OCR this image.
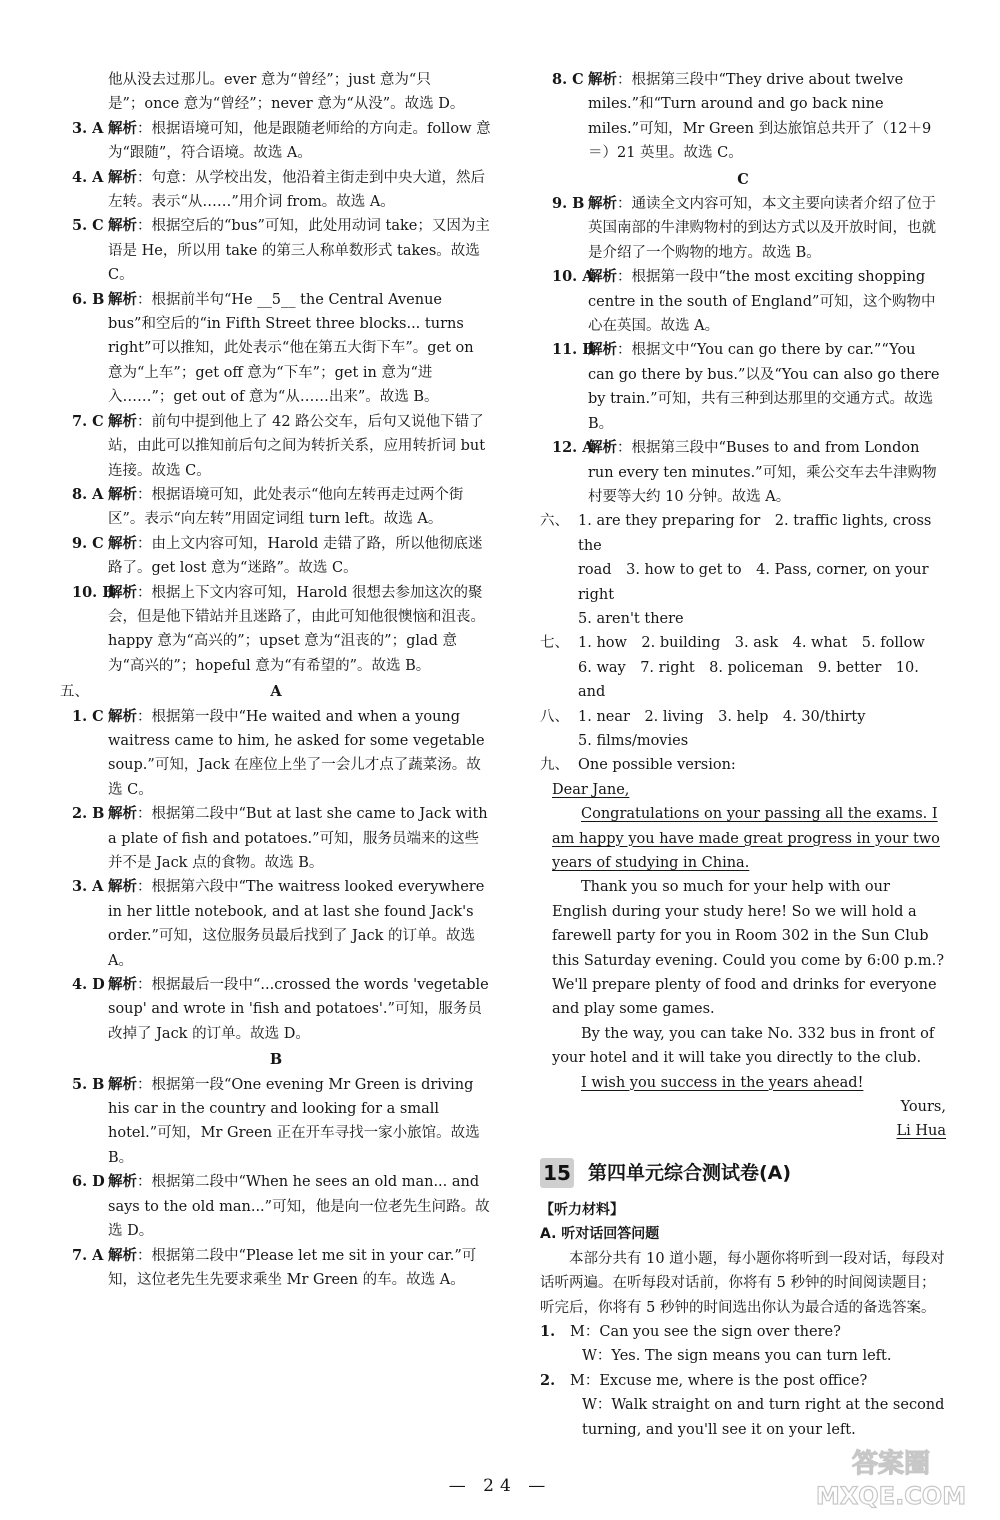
他从没去过那儿。ever 意为“曾经”；just 意为“只
是”；once 意为“曾经”；never 意为“从没”。故选 D。
3. A 解析：根据语境可知，他是跟随老师给的方向走。follow 意为“跟随”，符合语境。故选 A。
4. A 解析：句意：从学校出发，他沿着主街走到中央大道，然后左转。表示“从……”用介词 from。故选 A。
5. C 解析：根据空后的“bus”可知，此处用动词 take；又因为主语是 He，所以用 take 的第三人称单数形式 takes。故选 C。
6. B 解析：根据前半句“He __5__ the Central Avenue bus”和空后的“in Fifth Street three blocks... turns right”可以推知，此处表示“他在第五大街下车”。get on 意为“上车”；get off 意为“下车”；get in 意为“进入……”；get out of 意为“从……出来”。故选 B。
7. C 解析：前句中提到他上了 42 路公交车，后句又说他下错了站，由此可以推知前后句之间为转折关系，应用转折词 but 连接。故选 C。
8. A 解析：根据语境可知，此处表示“他向左转再走过两个街区”。表示“向左转”用固定词组 turn left。故选 A。
9. C 解析：由上文内容可知，Harold 走错了路，所以他彻底迷路了。get lost 意为“迷路”。故选 C。
10. B
解析：根据上下文内容可知，Harold 很想去参加这次的聚会，但是他下错站并且迷路了，由此可知他很懊恼和沮丧。happy 意为“高兴的”；upset 意为“沮丧的”；glad 意为“高兴的”；hopeful 意为“有希望的”。故选 B。
五、	A
1. C 解析：根据第一段中“He waited and when a young waitress came to him, he asked for some vegetable soup.”可知，Jack 在座位上坐了一会儿才点了蔬菜汤。故选 C。
2. B 解析：根据第二段中“But at last she came to Jack with a plate of fish and potatoes.”可知，服务员端来的这些并不是 Jack 点的食物。故选 B。
3. A 解析：根据第六段中“The waitress looked everywhere in her little notebook, and at last she found Jack's order.”可知，这位服务员最后找到了 Jack 的订单。故选 A。
4. D 解析：根据最后一段中“...crossed the words 'vegetable soup' and wrote in 'fish and potatoes'.”可知，服务员改掉了 Jack 的订单。故选 D。
B
5. B 解析：根据第一段“One evening Mr Green is driving his car in the country and looking for a small hotel.”可知，Mr Green 正在开车寻找一家小旅馆。故选 B。
6. D 解析：根据第二段中“When he sees an old man... and says to the old man...”可知，他是向一位老先生问路。故选 D。
7. A 解析：根据第二段中“Please let me sit in your car.”可知，这位老先生先要求乘坐 Mr Green 的车。故选 A。
8. C 解析：根据第三段中“They drive about twelve miles.”和“Turn around and go back nine miles.”可知，Mr Green 到达旅馆总共开了（12＋9＝）21 英里。故选 C。
C
9. B 解析：通读全文内容可知，本文主要向读者介绍了位于英国南部的牛津购物村的到达方式以及开放时间，也就是介绍了一个购物的地方。故选 B。
10. A
解析：根据第一段中“the most exciting shopping centre in the south of England”可知，这个购物中心在英国。故选 A。
11. B
解析：根据文中“You can go there by car.”“You can go there by bus.”以及“You can also go there by train.”可知，共有三种到达那里的交通方式。故选 B。
12. A
解析：根据第三段中“Buses to and from London run every ten minutes.”可知，乘公交车去牛津购物村要等大约 10 分钟。故选 A。
六、 1. are they preparing for　2. traffic lights, cross the
road　3. how to get to　4. Pass, corner, on your right
5. aren't there
七、 1. how　2. building　3. ask　4. what　5. follow
6. way　7. right　8. policeman　9. better　10. and
八、 1. near　2. living　3. help　4. 30/thirty
5. films/movies
九、 One possible version:
Dear Jane,
Congratulations on your passing all the exams. I am happy you have made great progress in your two years of studying in China.
Thank you so much for your help with our English during your study here! So we will hold a farewell party for you in Room 302 in the Sun Club this Saturday evening. Could you come by 6:00 p.m.? We'll prepare plenty of food and drinks for everyone and play some games.
By the way, you can take No. 332 bus in front of your hotel and it will take you directly to the club.
I wish you success in the years ahead!
Yours,
Li Hua
15 第四单元综合测试卷(A)
【听力材料】
A. 听对话回答问题
本部分共有 10 道小题，每小题你将听到一段对话，每段对话听两遍。在听每段对话前，你将有 5 秒钟的时间阅读题目；听完后，你将有 5 秒钟的时间选出你认为最合适的备选答案。
1. M：Can you see the sign over there?
W：Yes. The sign means you can turn left.
2. M：Excuse me, where is the post office?
W：Walk straight on and turn right at the second turning, and you'll see it on your left.
— 24 —
答案圈
MXQE.COM
